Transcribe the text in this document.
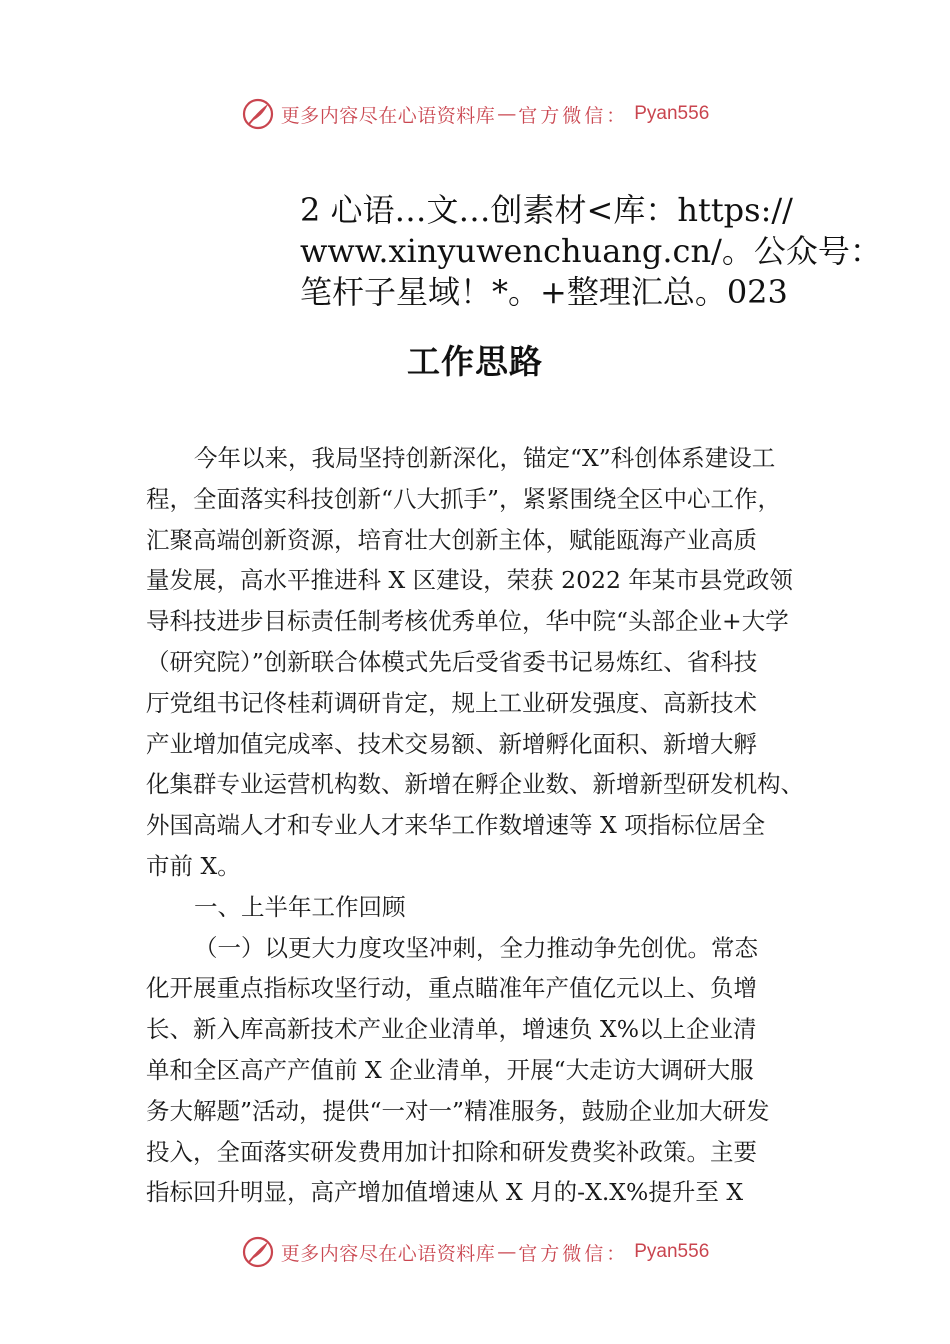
更多内容尽在心语资料库 — 官方微信： Pyan556
2 心语…文…创素材<库：https://
www.xinyuwenchuang.cn/。公众号：
笔杆子星域！*。+整理汇总。023
工作思路
今年以来，我局坚持创新深化，锚定“X”科创体系建设工
程，全面落实科技创新“八大抓手”，紧紧围绕全区中心工作，
汇聚高端创新资源，培育壮大创新主体，赋能瓯海产业高质
量发展，高水平推进科 X 区建设，荣获 2022 年某市县党政领
导科技进步目标责任制考核优秀单位，华中院“头部企业+大学
（研究院）”创新联合体模式先后受省委书记易炼红、省科技
厅党组书记佟桂莉调研肯定，规上工业研发强度、高新技术
产业增加值完成率、技术交易额、新增孵化面积、新增大孵
化集群专业运营机构数、新增在孵企业数、新增新型研发机构、
外国高端人才和专业人才来华工作数增速等 X 项指标位居全
市前 X。
一、上半年工作回顾
（一）以更大力度攻坚冲刺，全力推动争先创优。常态
化开展重点指标攻坚行动，重点瞄准年产值亿元以上、负增
长、新入库高新技术产业企业清单，增速负 X%以上企业清
单和全区高产产值前 X 企业清单，开展“大走访大调研大服
务大解题”活动，提供“一对一”精准服务，鼓励企业加大研发
投入，全面落实研发费用加计扣除和研发费奖补政策。主要
指标回升明显，高产增加值增速从 X 月的-X.X%提升至 X
更多内容尽在心语资料库 — 官方微信： Pyan556
